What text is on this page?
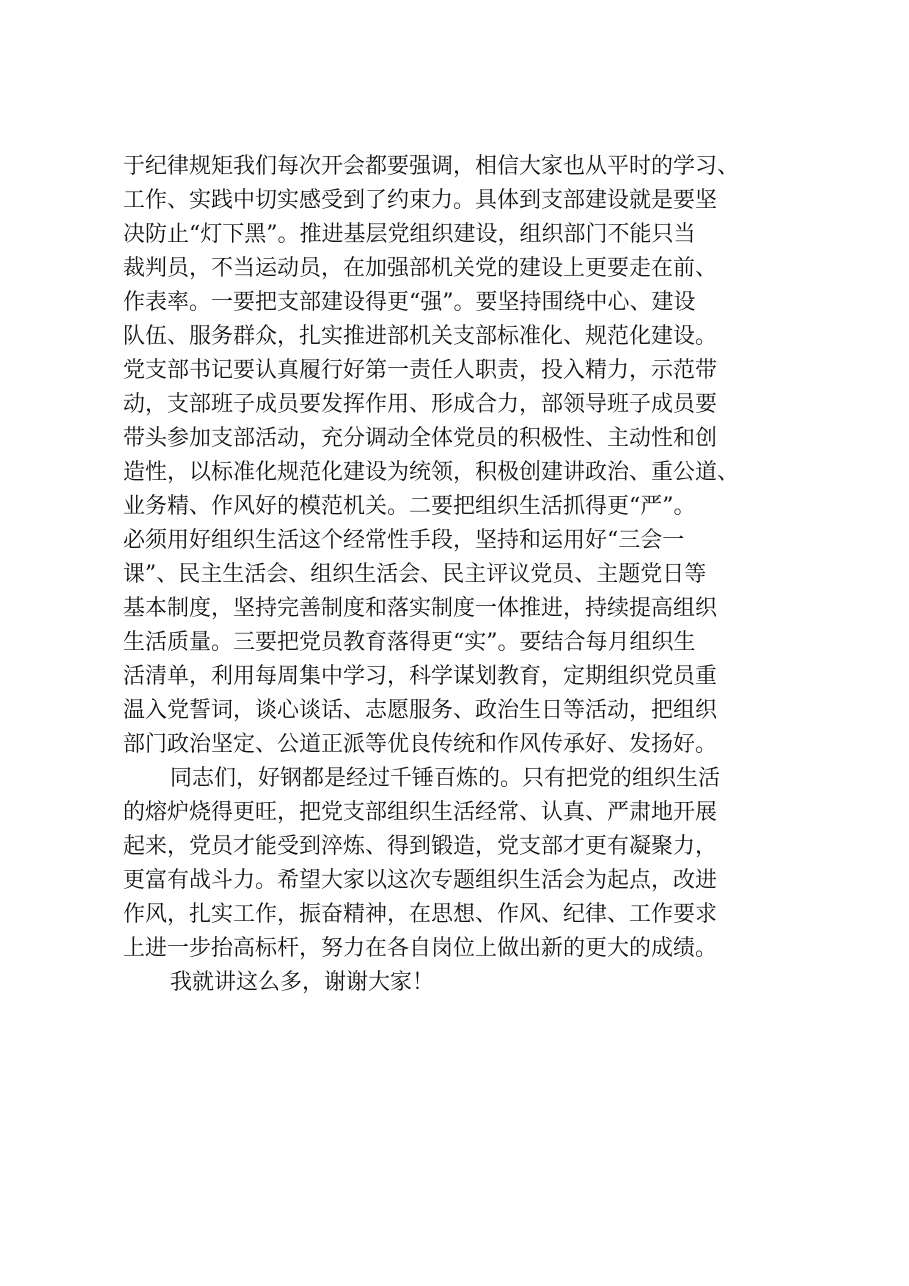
于纪律规矩我们每次开会都要强调，相信大家也从平时的学习、
工作、实践中切实感受到了约束力。具体到支部建设就是要坚
决防止“灯下黑”。推进基层党组织建设，组织部门不能只当
裁判员，不当运动员，在加强部机关党的建设上更要走在前、
作表率。一要把支部建设得更“强”。要坚持围绕中心、建设
队伍、服务群众，扎实推进部机关支部标准化、规范化建设。
党支部书记要认真履行好第一责任人职责，投入精力，示范带
动，支部班子成员要发挥作用、形成合力，部领导班子成员要
带头参加支部活动，充分调动全体党员的积极性、主动性和创
造性，以标准化规范化建设为统领，积极创建讲政治、重公道、
业务精、作风好的模范机关。二要把组织生活抓得更“严”。
必须用好组织生活这个经常性手段，坚持和运用好“三会一
课”、民主生活会、组织生活会、民主评议党员、主题党日等
基本制度，坚持完善制度和落实制度一体推进，持续提高组织
生活质量。三要把党员教育落得更“实”。要结合每月组织生
活清单，利用每周集中学习，科学谋划教育，定期组织党员重
温入党誓词，谈心谈话、志愿服务、政治生日等活动，把组织
部门政治坚定、公道正派等优良传统和作风传承好、发扬好。
同志们，好钢都是经过千锤百炼的。只有把党的组织生活
的熔炉烧得更旺，把党支部组织生活经常、认真、严肃地开展
起来，党员才能受到淬炼、得到锻造，党支部才更有凝聚力，
更富有战斗力。希望大家以这次专题组织生活会为起点，改进
作风，扎实工作，振奋精神，在思想、作风、纪律、工作要求
上进一步抬高标杆，努力在各自岗位上做出新的更大的成绩。
我就讲这么多，谢谢大家！
